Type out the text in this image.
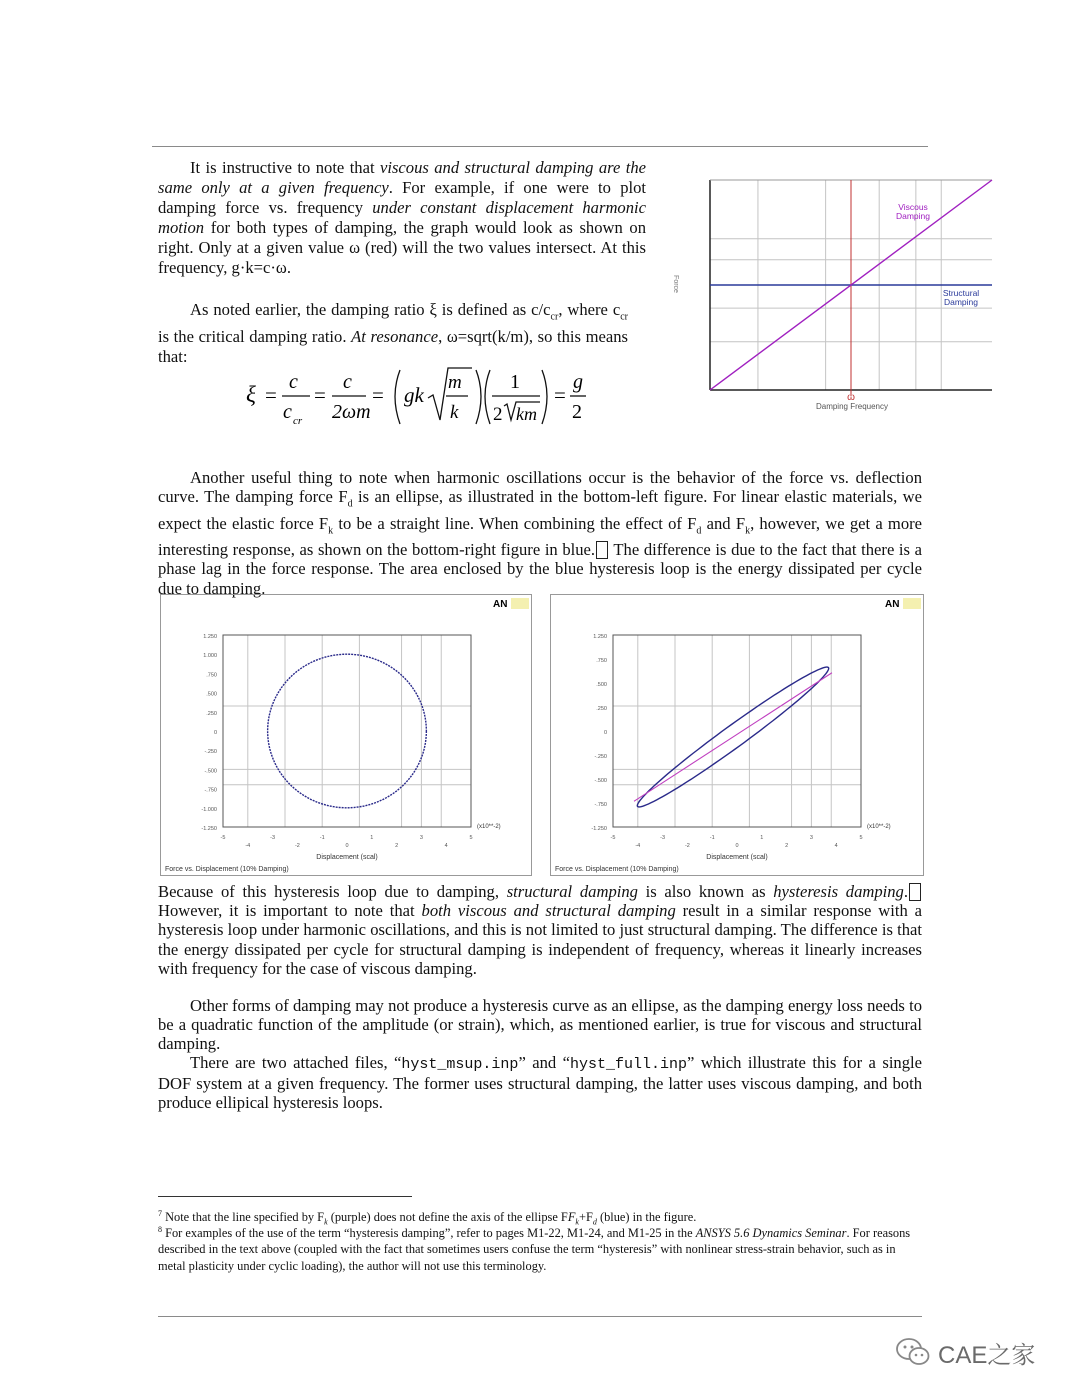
It is instructive to note that viscous and structural damping are the same only at a given frequency. For example, if one were to plot damping force vs. frequency under constant displacement harmonic motion for both types of damping, the graph would look as shown on right. Only at a given value ω (red) will the two values intersect. At this frequency, g·k=c·ω.

As noted earlier, the damping ratio ξ is defined as $c/c_{cr}$, where $c_{cr}$ is the critical damping ratio. At resonance, ω=sqrt(k/m), so this means that:

ξ =
c
c cr
=
c
2ωm
= gk
m
k
1
2 km
=
g
2
Viscous
Damping
Structural
Damping
ω
Damping Frequency
Force

Another useful thing to note when harmonic oscillations occur is the behavior of the force vs. deflection curve. The damping force $F_d$ is an ellipse, as illustrated in the bottom-left figure. For linear elastic materials, we expect the elastic force $F_k$ to be a straight line. When combining the effect of $F_d$ and $F_k$, however, we get a more interesting response, as shown on the bottom-right figure in blue. The difference is due to the fact that there is a phase lag in the force response. The area enclosed by the blue hysteresis loop is the energy dissipated per cycle due to damping.

AN
1.250
1.000
.750
.500
.250
0
-.250
-.500
-.750
-1.000
-1.250
-5
-4
-3
-2
-1
0
1
2
3
4
5
(x10**-2)
Displacement (scal)
Force vs. Displacement (10% Damping)
AN
1.250
.750
.500
.250
0
-.250
-.500
-.750
-1.250
-5
-4
-3
-2
-1
0
1
2
3
4
5
(x10**-2)
Displacement (scal)
Force vs. Displacement (10% Damping)

Because of this hysteresis loop due to damping, structural damping is also known as hysteresis damping. However, it is important to note that both viscous and structural damping result in a similar response with a hysteresis loop under harmonic oscillations, and this is not limited to just structural damping. The difference is that the energy dissipated per cycle for structural damping is independent of frequency, whereas it linearly increases with frequency for the case of viscous damping.

Other forms of damping may not produce a hysteresis curve as an ellipse, as the damping energy loss needs to be a quadratic function of the amplitude (or strain), which, as mentioned earlier, is true for viscous and structural damping.

There are two attached files, “hyst_msup.inp” and “hyst_full.inp” which illustrate this for a single DOF system at a given frequency. The former uses structural damping, the latter uses viscous damping, and both produce ellipical hysteresis loops.

$^7$ Note that the line specified by $F_k$ (purple) does not define the axis of the ellipse $FF_k+F_d$ (blue) in the figure.

$^8$ For examples of the use of the term “hysteresis damping”, refer to pages M1-22, M1-24, and M1-25 in the ANSYS 5.6 Dynamics Seminar. For reasons described in the text above (coupled with the fact that sometimes users confuse the term “hysteresis” with nonlinear stress-strain behavior, such as in metal plasticity under cyclic loading), the author will not use this terminology.

CAE之家
